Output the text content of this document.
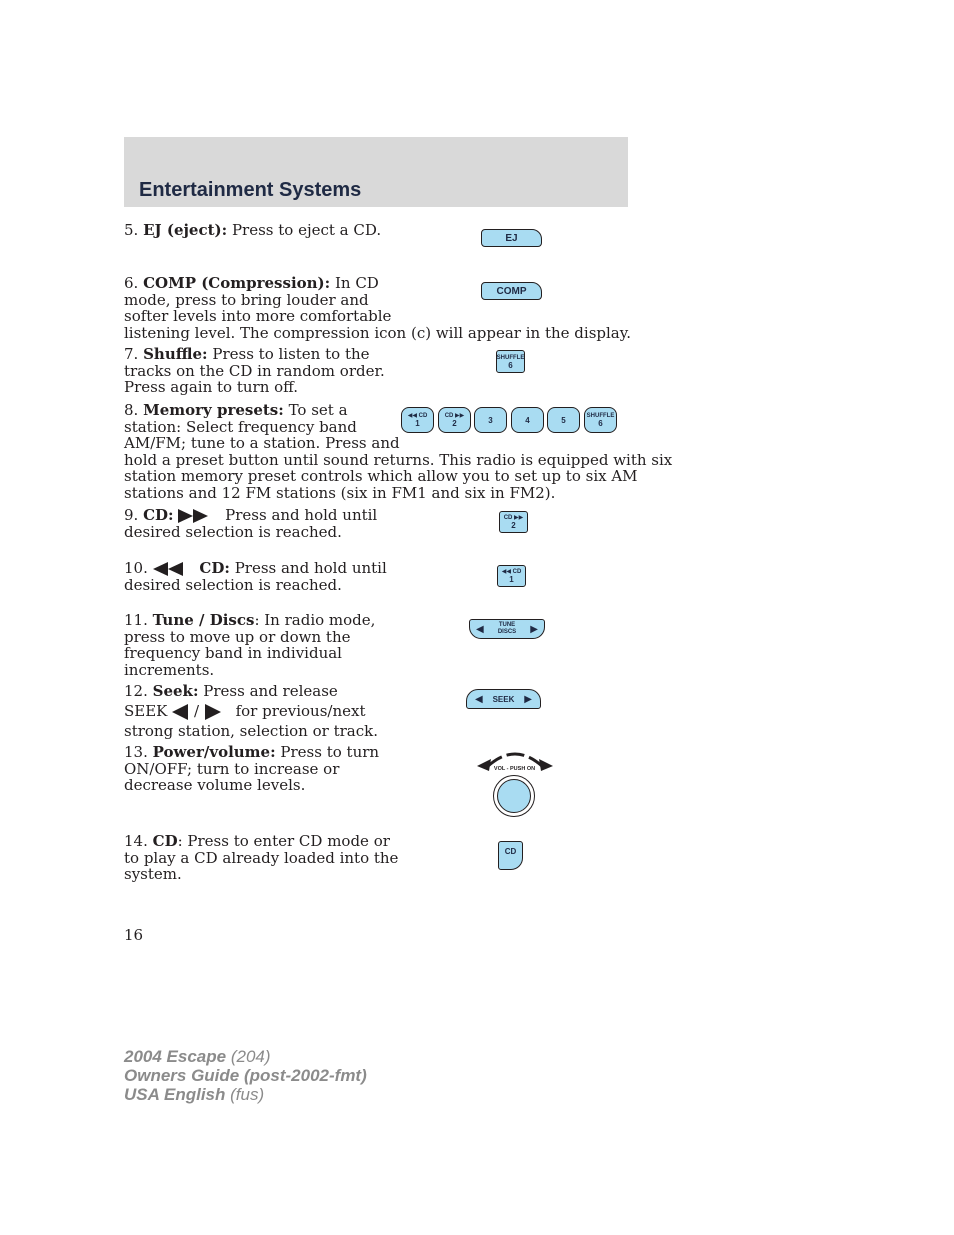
Entertainment Systems
5. EJ (eject): Press to eject a CD.	EJ
6. COMP (Compression): In CD
mode, press to bring louder and
softer levels into more comfortable
listening level. The compression icon (c) will appear in the display.
COMP
7. Shuffle: Press to listen to the
tracks on the CD in random order.
Press again to turn off.
SHUFFLE
6
8. Memory presets: To set a
station: Select frequency band
AM/FM; tune to a station. Press and
hold a preset button until sound returns. This radio is equipped with six
station memory preset controls which allow you to set up to six AM
stations and 12 FM stations (six in FM1 and six in FM2).
◀◀ CD
1
CD ▶▶
2	3	4	5	SHUFFLE
6
9. CD:	Press and hold until
desired selection is reached.
CD ▶▶
2
10.	CD: Press and hold until
desired selection is reached.
◀◀ CD
1
11. Tune / Discs: In radio mode,
press to move up or down the
frequency band in individual
increments.
◀	TUNE
DISCS ▶
12. Seek: Press and release
SEEK / for previous/next
strong station, selection or track.
◀ SEEK ▶
13. Power/volume: Press to turn
ON/OFF; turn to increase or
decrease volume levels.
VOL - PUSH ON
14. CD: Press to enter CD mode or
to play a CD already loaded into the
system.
CD
16
2004 Escape (204)
Owners Guide (post-2002-fmt)
USA English (fus)
